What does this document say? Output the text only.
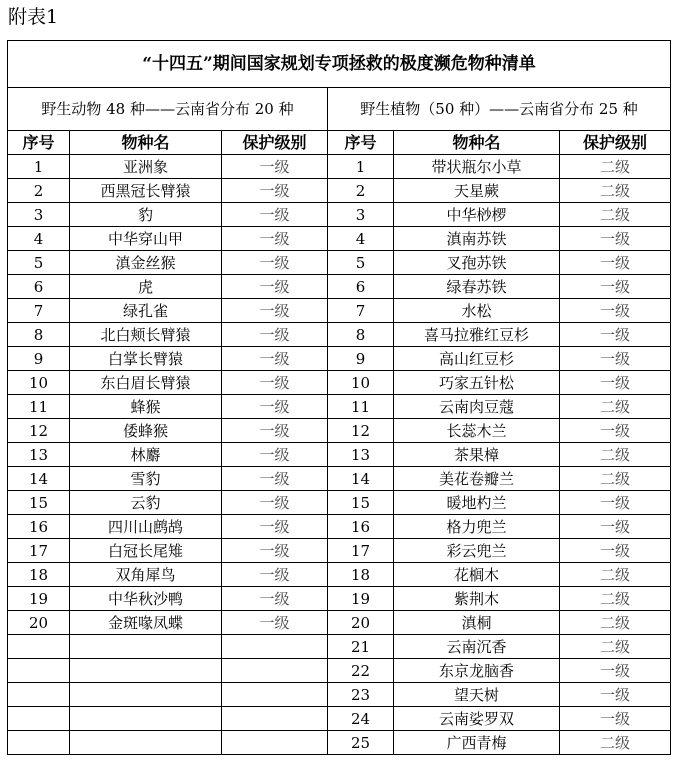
附表1
“十四五”期间国家规划专项拯救的极度濒危物种清单					
野生动物 48 种——云南省分布 20 种			野生植物（50 种）——云南省分布 25 种		
序号	物种名	保护级别	序号	物种名	保护级别
1	亚洲象	一级	1	带状瓶尔小草	二级
2	西黑冠长臂猿	一级	2	天星蕨	二级
3	豹	一级	3	中华桫椤	二级
4	中华穿山甲	一级	4	滇南苏铁	一级
5	滇金丝猴	一级	5	叉孢苏铁	一级
6	虎	一级	6	绿春苏铁	一级
7	绿孔雀	一级	7	水松	一级
8	北白颊长臂猿	一级	8	喜马拉雅红豆杉	一级
9	白掌长臂猿	一级	9	高山红豆杉	一级
10	东白眉长臂猿	一级	10	巧家五针松	一级
11	蜂猴	一级	11	云南肉豆蔻	二级
12	倭蜂猴	一级	12	长蕊木兰	一级
13	林麝	一级	13	茶果樟	二级
14	雪豹	一级	14	美花卷瓣兰	二级
15	云豹	一级	15	暖地杓兰	一级
16	四川山鹧鸪	一级	16	格力兜兰	一级
17	白冠长尾雉	一级	17	彩云兜兰	一级
18	双角犀鸟	一级	18	花榈木	二级
19	中华秋沙鸭	一级	19	紫荆木	二级
20	金斑喙凤蝶	一级	20	滇桐	二级
			21	云南沉香	二级
			22	东京龙脑香	一级
			23	望天树	一级
			24	云南娑罗双	一级
			25	广西青梅	二级
